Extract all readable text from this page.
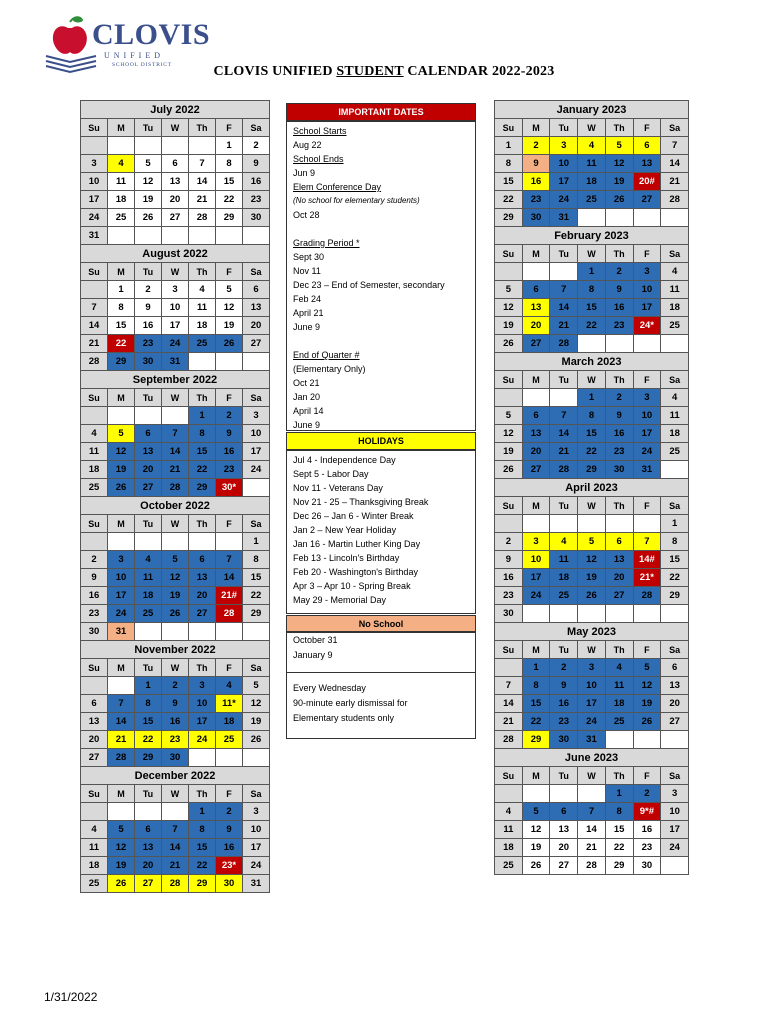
CLOVIS
UNIFIED
SCHOOL DISTRICT	CLOVIS UNIFIED STUDENT CALENDAR 2022-2023
July 2022						
Su	M	Tu	W	Th	F	Sa
					1	2
3	4	5	6	7	8	9
10	11	12	13	14	15	16
17	18	19	20	21	22	23
24	25	26	27	28	29	30
31						
August 2022						
Su	M	Tu	W	Th	F	Sa
	1	2	3	4	5	6
7	8	9	10	11	12	13
14	15	16	17	18	19	20
21	22	23	24	25	26	27
28	29	30	31			
September 2022						
Su	M	Tu	W	Th	F	Sa
				1	2	3
4	5	6	7	8	9	10
11	12	13	14	15	16	17
18	19	20	21	22	23	24
25	26	27	28	29	30*	
October 2022						
Su	M	Tu	W	Th	F	Sa
						1
2	3	4	5	6	7	8
9	10	11	12	13	14	15
16	17	18	19	20	21#	22
23	24	25	26	27	28	29
30	31					
November 2022						
Su	M	Tu	W	Th	F	Sa
		1	2	3	4	5
6	7	8	9	10	11*	12
13	14	15	16	17	18	19
20	21	22	23	24	25	26
27	28	29	30			
December 2022						
Su	M	Tu	W	Th	F	Sa
				1	2	3
4	5	6	7	8	9	10
11	12	13	14	15	16	17
18	19	20	21	22	23*	24
25	26	27	28	29	30	31
January 2023						
Su	M	Tu	W	Th	F	Sa
1	2	3	4	5	6	7
8	9	10	11	12	13	14
15	16	17	18	19	20#	21
22	23	24	25	26	27	28
29	30	31				
February 2023						
Su	M	Tu	W	Th	F	Sa
			1	2	3	4
5	6	7	8	9	10	11
12	13	14	15	16	17	18
19	20	21	22	23	24*	25
26	27	28				
March 2023						
Su	M	Tu	W	Th	F	Sa
			1	2	3	4
5	6	7	8	9	10	11
12	13	14	15	16	17	18
19	20	21	22	23	24	25
26	27	28	29	30	31	
April 2023						
Su	M	Tu	W	Th	F	Sa
						1
2	3	4	5	6	7	8
9	10	11	12	13	14#	15
16	17	18	19	20	21*	22
23	24	25	26	27	28	29
30						
May 2023						
Su	M	Tu	W	Th	F	Sa
	1	2	3	4	5	6
7	8	9	10	11	12	13
14	15	16	17	18	19	20
21	22	23	24	25	26	27
28	29	30	31			
June 2023						
Su	M	Tu	W	Th	F	Sa
				1	2	3
4	5	6	7	8	9*#	10
11	12	13	14	15	16	17
18	19	20	21	22	23	24
25	26	27	28	29	30	
IMPORTANT DATES
School Starts
Aug 22
School Ends
Jun 9
Elem Conference Day
(No school for elementary students)
Oct 28

Grading Period *
Sept 30
Nov 11
Dec 23 – End of Semester, secondary
Feb 24
April 21
June 9

End of Quarter #
(Elementary Only)
Oct 21
Jan 20
April 14
June 9
HOLIDAYS
Jul 4 - Independence Day
Sept 5 - Labor Day
Nov 11 - Veterans Day
Nov 21 - 25 – Thanksgiving Break
Dec 26 – Jan 6 - Winter Break
Jan 2 – New Year Holiday
Jan 16 - Martin Luther King Day
Feb 13 - Lincoln's Birthday
Feb 20 - Washington's Birthday
Apr 3 – Apr 10 - Spring Break
May 29 - Memorial Day
No School
October 31
January 9
Every Wednesday
90-minute early dismissal for
Elementary students only
1/31/2022
